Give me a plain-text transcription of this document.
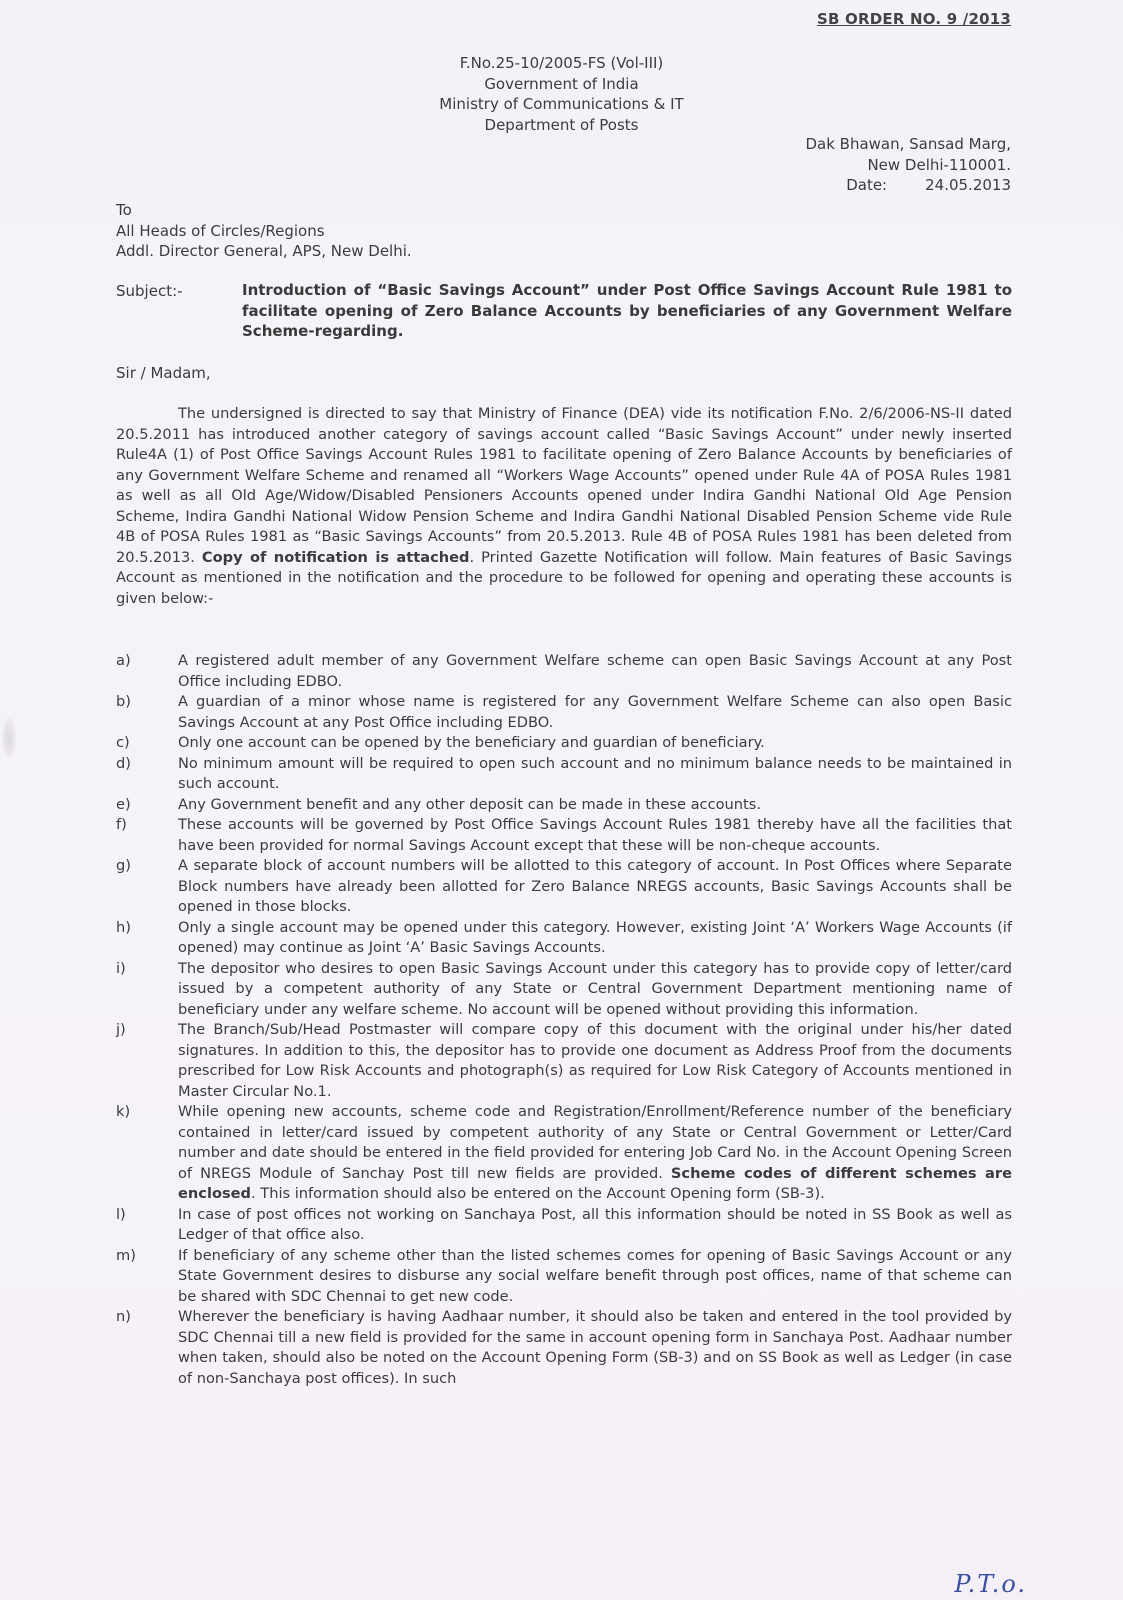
SB ORDER NO. 9 /2013
F.No.25-10/2005-FS (Vol-III)
Government of India
Ministry of Communications & IT
Department of Posts
Dak Bhawan, Sansad Marg,
New Delhi-110001.
Date:	24.05.2013
To
All Heads of Circles/Regions
Addl. Director General, APS, New Delhi.
Subject:-	Introduction of “Basic Savings Account” under Post Office Savings Account Rule 1981 to facilitate opening of Zero Balance Accounts by beneficiaries of any Government Welfare Scheme-regarding.
Sir / Madam,
The undersigned is directed to say that Ministry of Finance (DEA) vide its notification F.No. 2/6/2006-NS-II dated 20.5.2011 has introduced another category of savings account called “Basic Savings Account” under newly inserted Rule4A (1) of Post Office Savings Account Rules 1981 to facilitate opening of Zero Balance Accounts by beneficiaries of any Government Welfare Scheme and renamed all “Workers Wage Accounts” opened under Rule 4A of POSA Rules 1981 as well as all Old Age/Widow/Disabled Pensioners Accounts opened under Indira Gandhi National Old Age Pension Scheme, Indira Gandhi National Widow Pension Scheme and Indira Gandhi National Disabled Pension Scheme vide Rule 4B of POSA Rules 1981 as “Basic Savings Accounts” from 20.5.2013. Rule 4B of POSA Rules 1981 has been deleted from 20.5.2013. Copy of notification is attached. Printed Gazette Notification will follow. Main features of Basic Savings Account as mentioned in the notification and the procedure to be followed for opening and operating these accounts is given below:-
a)	A registered adult member of any Government Welfare scheme can open Basic Savings Account at any Post Office including EDBO.
b)	A guardian of a minor whose name is registered for any Government Welfare Scheme can also open Basic Savings Account at any Post Office including EDBO.
c)	Only one account can be opened by the beneficiary and guardian of beneficiary.
d)	No minimum amount will be required to open such account and no minimum balance needs to be maintained in such account.
e)	Any Government benefit and any other deposit can be made in these accounts.
f)	These accounts will be governed by Post Office Savings Account Rules 1981 thereby have all the facilities that have been provided for normal Savings Account except that these will be non-cheque accounts.
g)	A separate block of account numbers will be allotted to this category of account. In Post Offices where Separate Block numbers have already been allotted for Zero Balance NREGS accounts, Basic Savings Accounts shall be opened in those blocks.
h)	Only a single account may be opened under this category. However, existing Joint ‘A’ Workers Wage Accounts (if opened) may continue as Joint ‘A’ Basic Savings Accounts.
i)	The depositor who desires to open Basic Savings Account under this category has to provide copy of letter/card issued by a competent authority of any State or Central Government Department mentioning name of beneficiary under any welfare scheme. No account will be opened without providing this information.
j)	The Branch/Sub/Head Postmaster will compare copy of this document with the original under his/her dated signatures. In addition to this, the depositor has to provide one document as Address Proof from the documents prescribed for Low Risk Accounts and photograph(s) as required for Low Risk Category of Accounts mentioned in Master Circular No.1.
k)	While opening new accounts, scheme code and Registration/Enrollment/Reference number of the beneficiary contained in letter/card issued by competent authority of any State or Central Government or Letter/Card number and date should be entered in the field provided for entering Job Card No. in the Account Opening Screen of NREGS Module of Sanchay Post till new fields are provided. Scheme codes of different schemes are enclosed. This information should also be entered on the Account Opening form (SB-3).
l)	In case of post offices not working on Sanchaya Post, all this information should be noted in SS Book as well as Ledger of that office also.
m)	If beneficiary of any scheme other than the listed schemes comes for opening of Basic Savings Account or any State Government desires to disburse any social welfare benefit through post offices, name of that scheme can be shared with SDC Chennai to get new code.
n)	Wherever the beneficiary is having Aadhaar number, it should also be taken and entered in the tool provided by SDC Chennai till a new field is provided for the same in account opening form in Sanchaya Post. Aadhaar number when taken, should also be noted on the Account Opening Form (SB-3) and on SS Book as well as Ledger (in case of non-Sanchaya post offices). In such
P.T.o.
